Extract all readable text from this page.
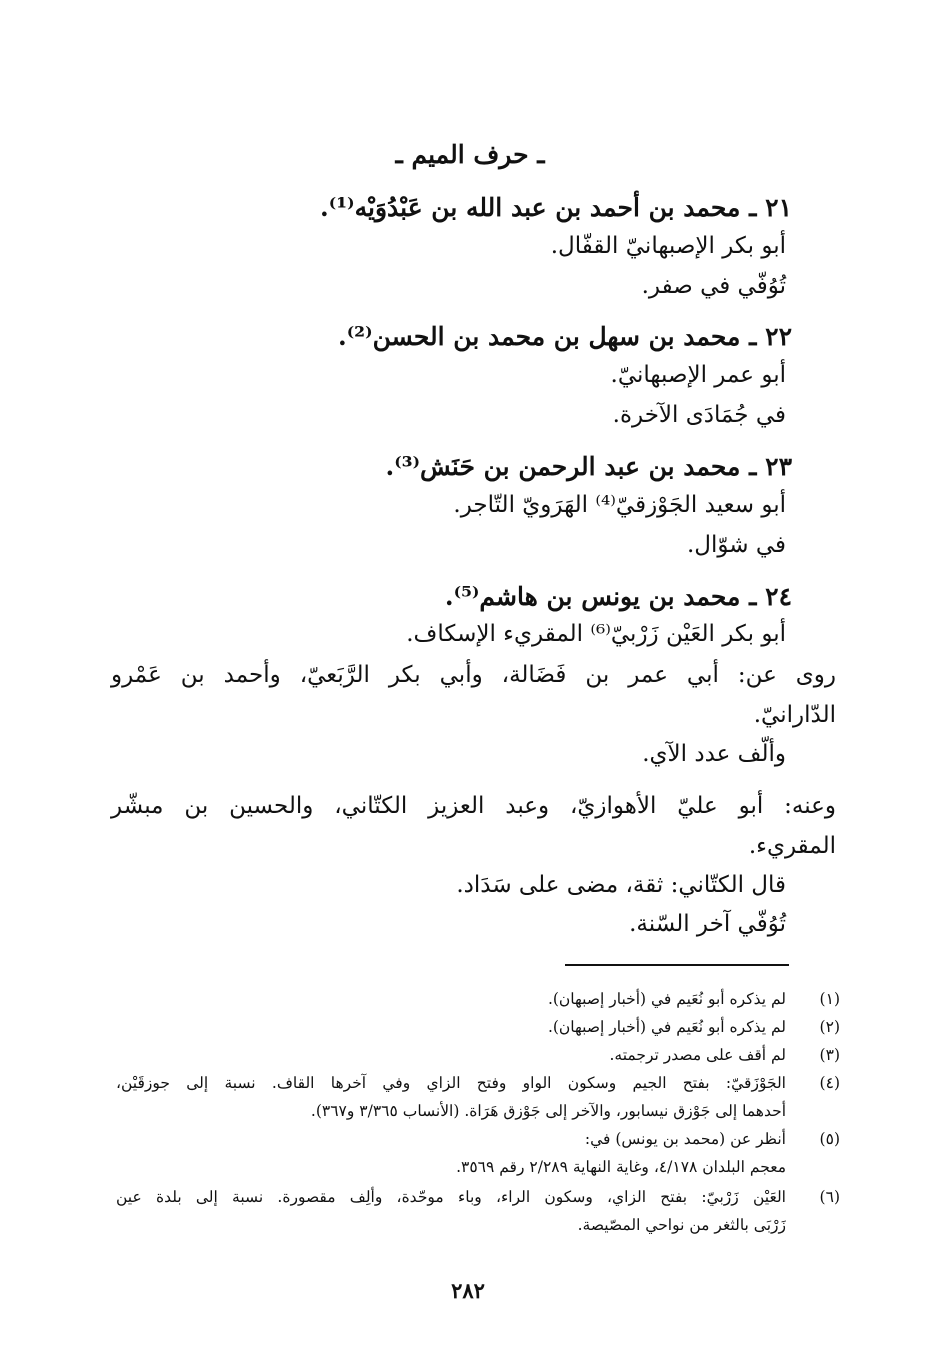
ـ حرف الميم ـ
٢١ ـ محمد بن أحمد بن عبد الله بن عَبْدُوَيْه⁽¹⁾.
أبو بكر الإصبهانيّ القفّال.
تُوُفّي في صفر.
٢٢ ـ محمد بن سهل بن محمد بن الحسن⁽²⁾.
أبو عمر الإصبهانيّ.
في جُمَادَى الآخرة.
٢٣ ـ محمد بن عبد الرحمن بن حَنَش⁽³⁾.
أبو سعيد الجَوْزقيّ⁽⁴⁾ الهَرَويّ التّاجر.
في شوّال.
٢٤ ـ محمد بن يونس بن هاشم⁽⁵⁾.
أبو بكر العَيْن زَرْبيّ⁽⁶⁾ المقريء الإسكاف.
روى عن: أبي عمر بن فَضَالة، وأبي بكر الرَّبَعيّ، وأحمد بن عَمْرو
الدّارانيّ.
وألّف عدد الآي.
وعنه: أبو عليّ الأهوازيّ، وعبد العزيز الكتّاني، والحسين بن مبشّر
المقريء.
قال الكتّاني: ثقة، مضى على سَدَاد.
تُوُفّي آخر السّنة.
(١)
لم يذكره أبو نُعَيم في (أخبار إصبهان).
(٢)
لم يذكره أبو نُعَيم في (أخبار إصبهان).
(٣)
لم أقف على مصدر ترجمته.
(٤)
الجَوْزَقيّ: بفتح الجيم وسكون الواو وفتح الزاي وفي آخرها القاف. نسبة إلى جوزقَيْن،
أحدهما إلى جَوْزق نيسابور، والآخر إلى جَوْزق هَرَاة. (الأنساب ٣/٣٦٥ و٣٦٧).
(٥)
أنظر عن (محمد بن يونس) في:
معجم البلدان ٤/١٧٨، وغاية النهاية ٢/٢٨٩ رقم ٣٥٦٩.
(٦)
العَيْن زَرْبيّ: بفتح الزاي، وسكون الراء، وباء موحّدة، وألِف مقصورة. نسبة إلى بلدة عين
زَرْبَى بالثغر من نواحي المصّيصة.
٢٨٢
